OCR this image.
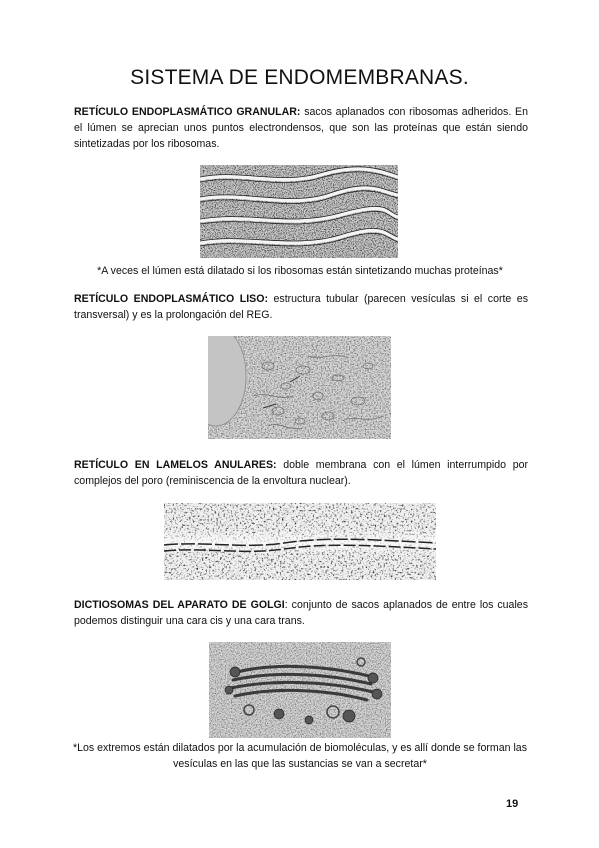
SISTEMA DE ENDOMEMBRANAS.
RETÍCULO ENDOPLASMÁTICO GRANULAR: sacos aplanados con ribosomas adheridos. En el lúmen se aprecian unos puntos electrondensos, que son las proteínas que están siendo sintetizadas por los ribosomas.
*A veces el lúmen está dilatado si los ribosomas están sintetizando muchas proteínas*
RETÍCULO ENDOPLASMÁTICO LISO: estructura tubular (parecen vesículas si el corte es transversal) y es la prolongación del REG.
RETÍCULO EN LAMELOS ANULARES: doble membrana con el lúmen interrumpido por complejos del poro (reminiscencia de la envoltura nuclear).
DICTIOSOMAS DEL APARATO DE GOLGI: conjunto de sacos aplanados de entre los cuales podemos distinguir una cara cis y una cara trans.
*Los extremos están dilatados por la acumulación de biomoléculas, y es allí donde se forman las vesículas en las que las sustancias se van a secretar*
19
